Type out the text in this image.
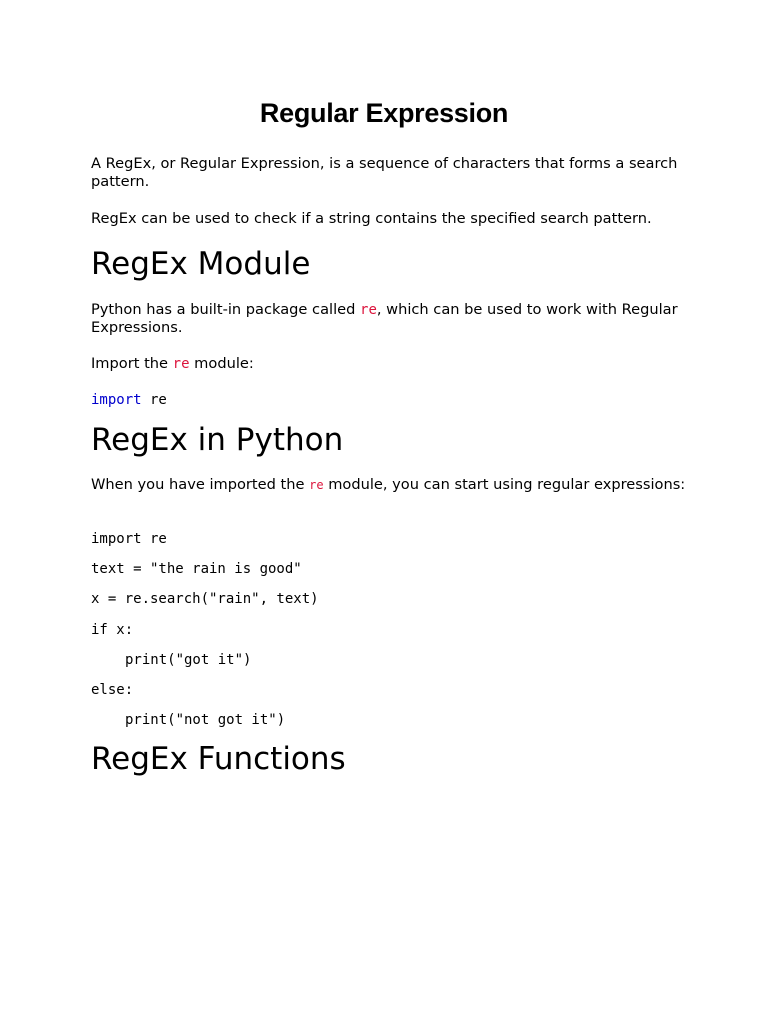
Regular Expression

A RegEx, or Regular Expression, is a sequence of characters that forms a search pattern.

RegEx can be used to check if a string contains the specified search pattern.

RegEx Module

Python has a built-in package called re, which can be used to work with Regular Expressions.

Import the re module:

import re
RegEx in Python

When you have imported the re module, you can start using regular expressions:

import re
text = "the rain is good"
x = re.search("rain", text)
if x:
print("got it")
else:
print("not got it")
RegEx Functions
